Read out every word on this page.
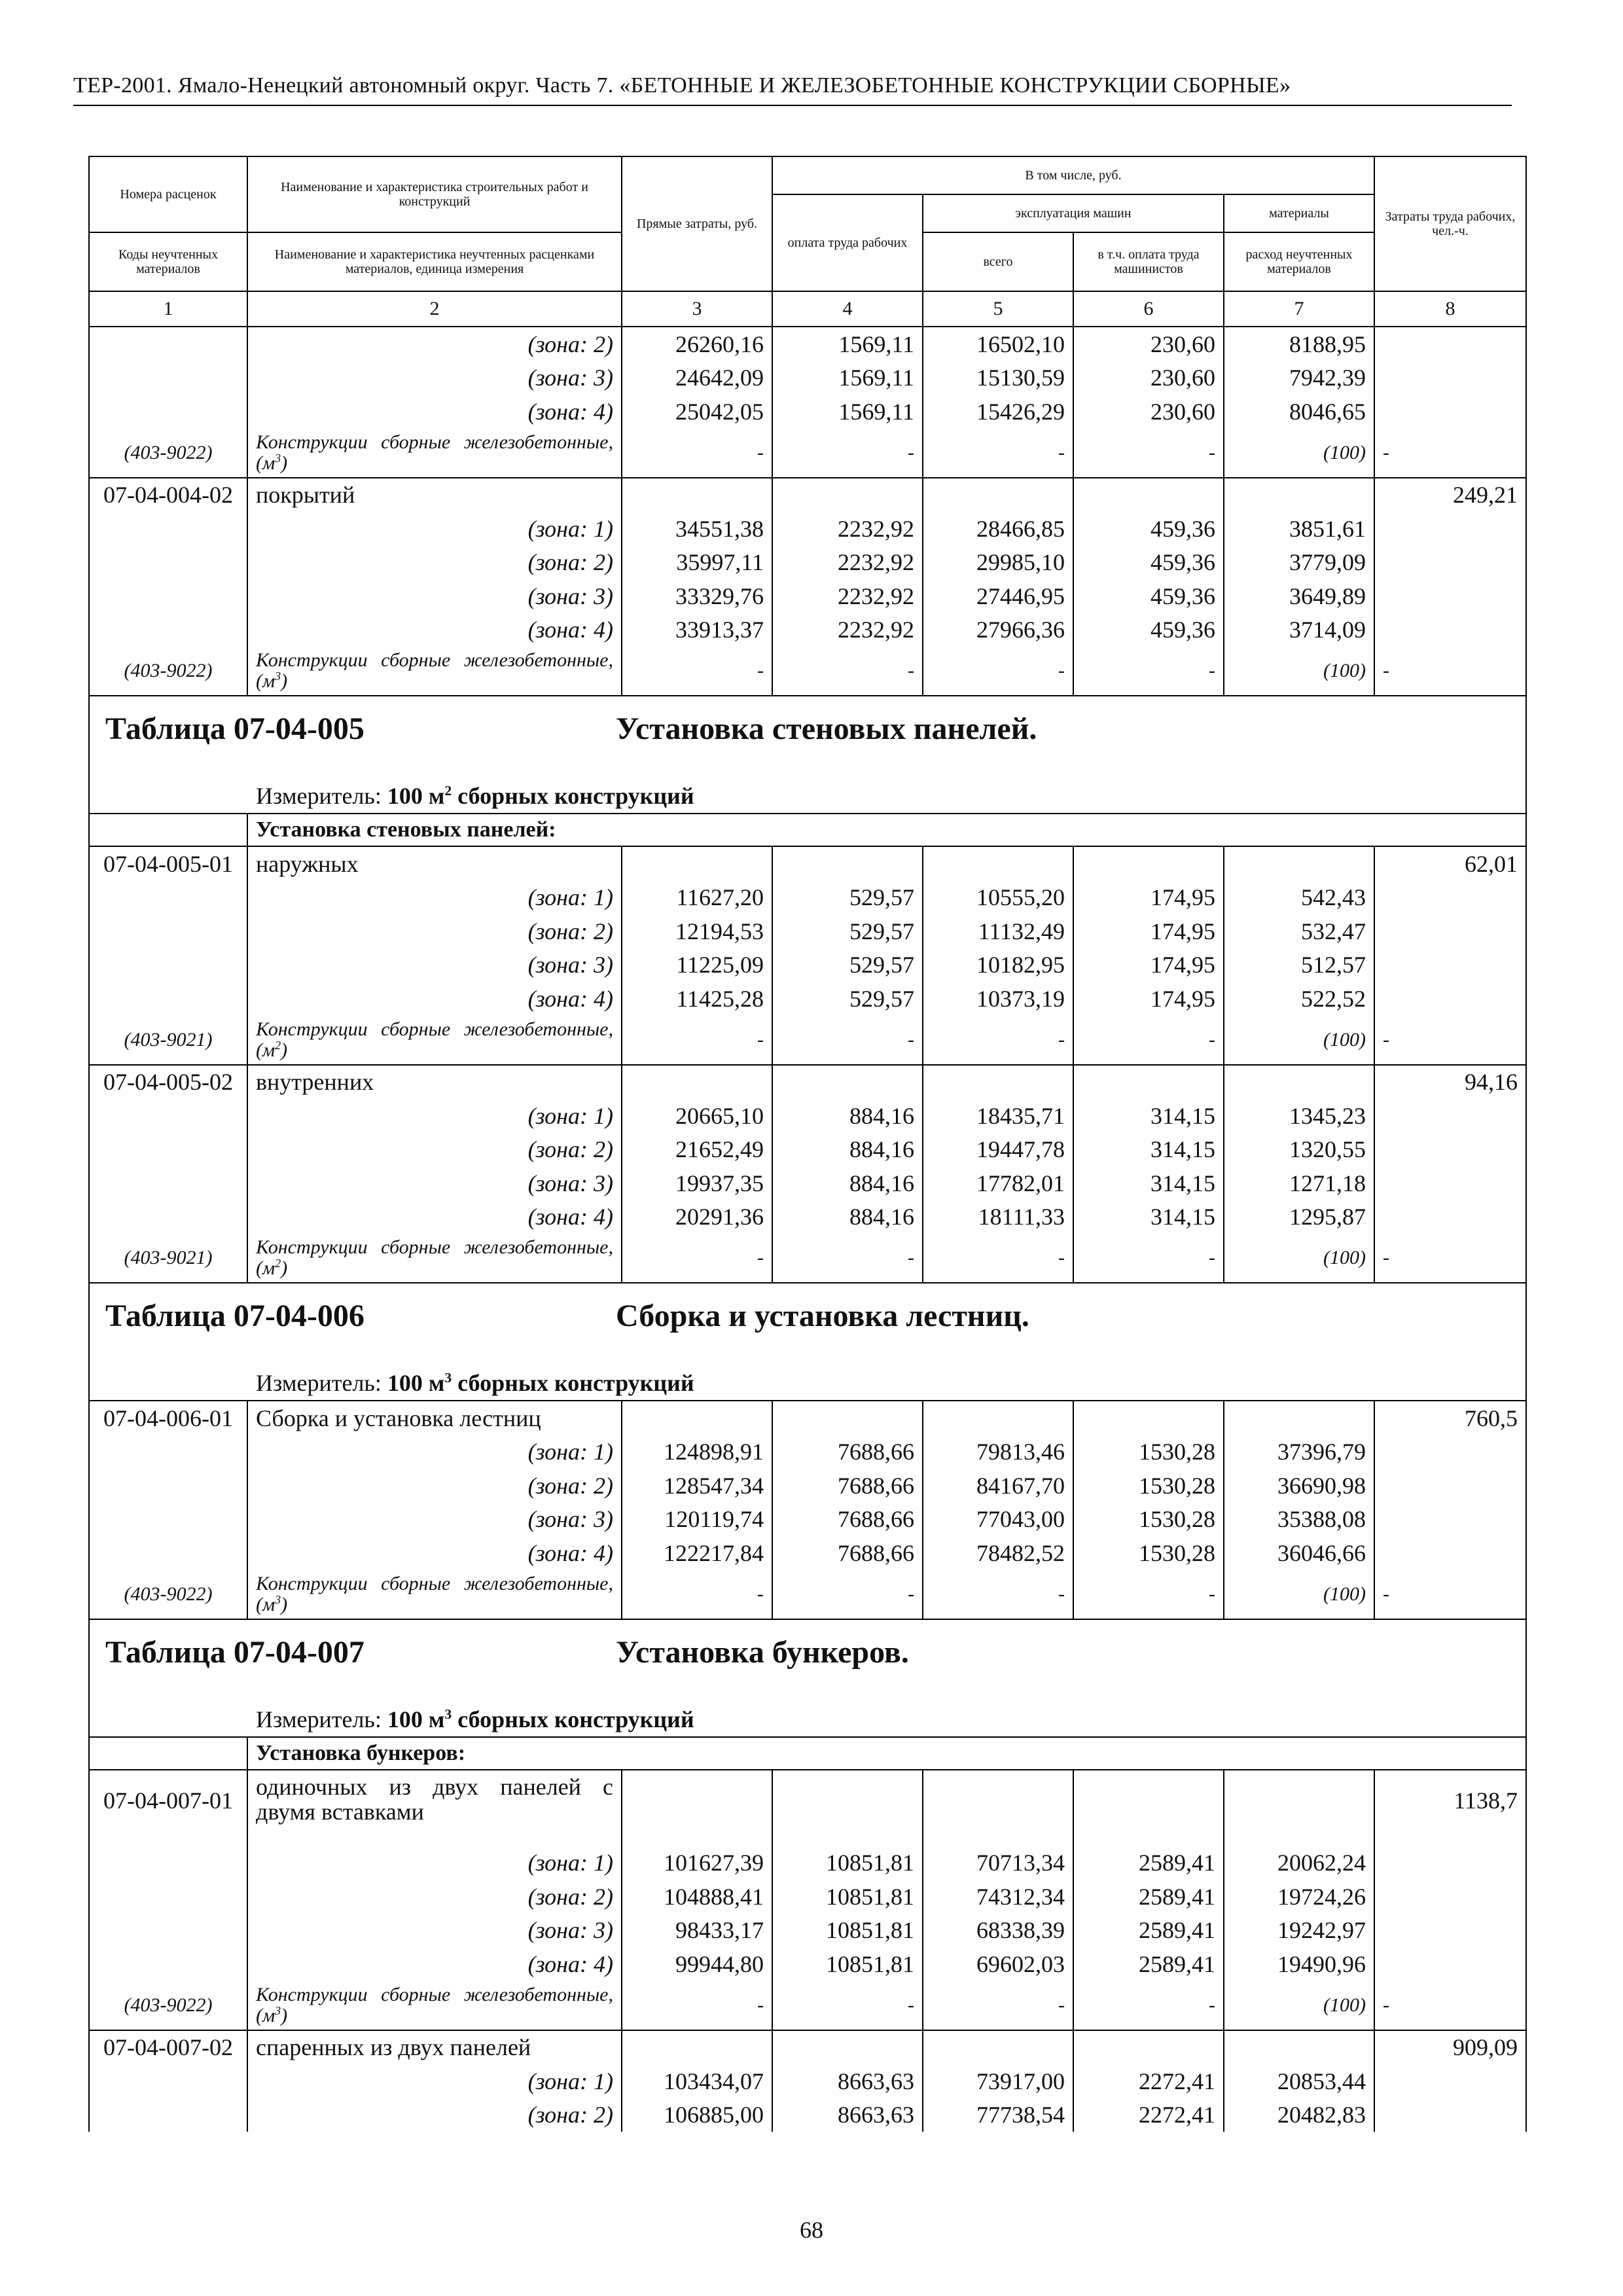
ТЕР-2001. Ямало-Ненецкий автономный округ. Часть 7. «БЕТОННЫЕ И ЖЕЛЕЗОБЕТОННЫЕ КОНСТРУКЦИИ СБОРНЫЕ»
Номера расценок	Наименование и характеристика строительных работ и конструкций	Прямые затраты, руб.	В том числе, руб.				Затраты труда рабочих, чел.-ч.
			оплата труда рабочих	эксплуатация машин		материалы	
Коды неучтенных материалов	Наименование и характеристика неучтенных расценками материалов, единица измерения			всего	в т.ч. оплата труда машинистов	расход неучтенных материалов	
1	2	3	4	5	6	7	8
	(зона: 2)	26260,16	1569,11	16502,10	230,60	8188,95	
	(зона: 3)	24642,09	1569,11	15130,59	230,60	7942,39	
	(зона: 4)	25042,05	1569,11	15426,29	230,60	8046,65	
(403-9022)	Конструкции сборные железобетонные, $(м^3)$	-	-	-	-	(100)	-
07-04-004-02	покрытий						249,21
	(зона: 1)	34551,38	2232,92	28466,85	459,36	3851,61	
	(зона: 2)	35997,11	2232,92	29985,10	459,36	3779,09	
	(зона: 3)	33329,76	2232,92	27446,95	459,36	3649,89	
	(зона: 4)	33913,37	2232,92	27966,36	459,36	3714,09	
(403-9022)	Конструкции сборные железобетонные, $(м^3)$	-	-	-	-	(100)	-
Таблица 07-04-005 Установка стеновых панелей.							
Измеритель: 100 $м^2$ сборных конструкций							
	Установка стеновых панелей:						
07-04-005-01	наружных						62,01
	(зона: 1)	11627,20	529,57	10555,20	174,95	542,43	
	(зона: 2)	12194,53	529,57	11132,49	174,95	532,47	
	(зона: 3)	11225,09	529,57	10182,95	174,95	512,57	
	(зона: 4)	11425,28	529,57	10373,19	174,95	522,52	
(403-9021)	Конструкции сборные железобетонные, $(м^2)$	-	-	-	-	(100)	-
07-04-005-02	внутренних						94,16
	(зона: 1)	20665,10	884,16	18435,71	314,15	1345,23	
	(зона: 2)	21652,49	884,16	19447,78	314,15	1320,55	
	(зона: 3)	19937,35	884,16	17782,01	314,15	1271,18	
	(зона: 4)	20291,36	884,16	18111,33	314,15	1295,87	
(403-9021)	Конструкции сборные железобетонные, $(м^2)$	-	-	-	-	(100)	-
Таблица 07-04-006 Сборка и установка лестниц.							
Измеритель: 100 $м^3$ сборных конструкций							
07-04-006-01	Сборка и установка лестниц						760,5
	(зона: 1)	124898,91	7688,66	79813,46	1530,28	37396,79	
	(зона: 2)	128547,34	7688,66	84167,70	1530,28	36690,98	
	(зона: 3)	120119,74	7688,66	77043,00	1530,28	35388,08	
	(зона: 4)	122217,84	7688,66	78482,52	1530,28	36046,66	
(403-9022)	Конструкции сборные железобетонные, $(м^3)$	-	-	-	-	(100)	-
Таблица 07-04-007 Установка бункеров.							
Измеритель: 100 $м^3$ сборных конструкций							
	Установка бункеров:						
07-04-007-01	одиночных из двух панелей с двумя вставками						1138,7
	(зона: 1)	101627,39	10851,81	70713,34	2589,41	20062,24	
	(зона: 2)	104888,41	10851,81	74312,34	2589,41	19724,26	
	(зона: 3)	98433,17	10851,81	68338,39	2589,41	19242,97	
	(зона: 4)	99944,80	10851,81	69602,03	2589,41	19490,96	
(403-9022)	Конструкции сборные железобетонные, $(м^3)$	-	-	-	-	(100)	-
07-04-007-02	спаренных из двух панелей						909,09
	(зона: 1)	103434,07	8663,63	73917,00	2272,41	20853,44	
	(зона: 2)	106885,00	8663,63	77738,54	2272,41	20482,83	
68
